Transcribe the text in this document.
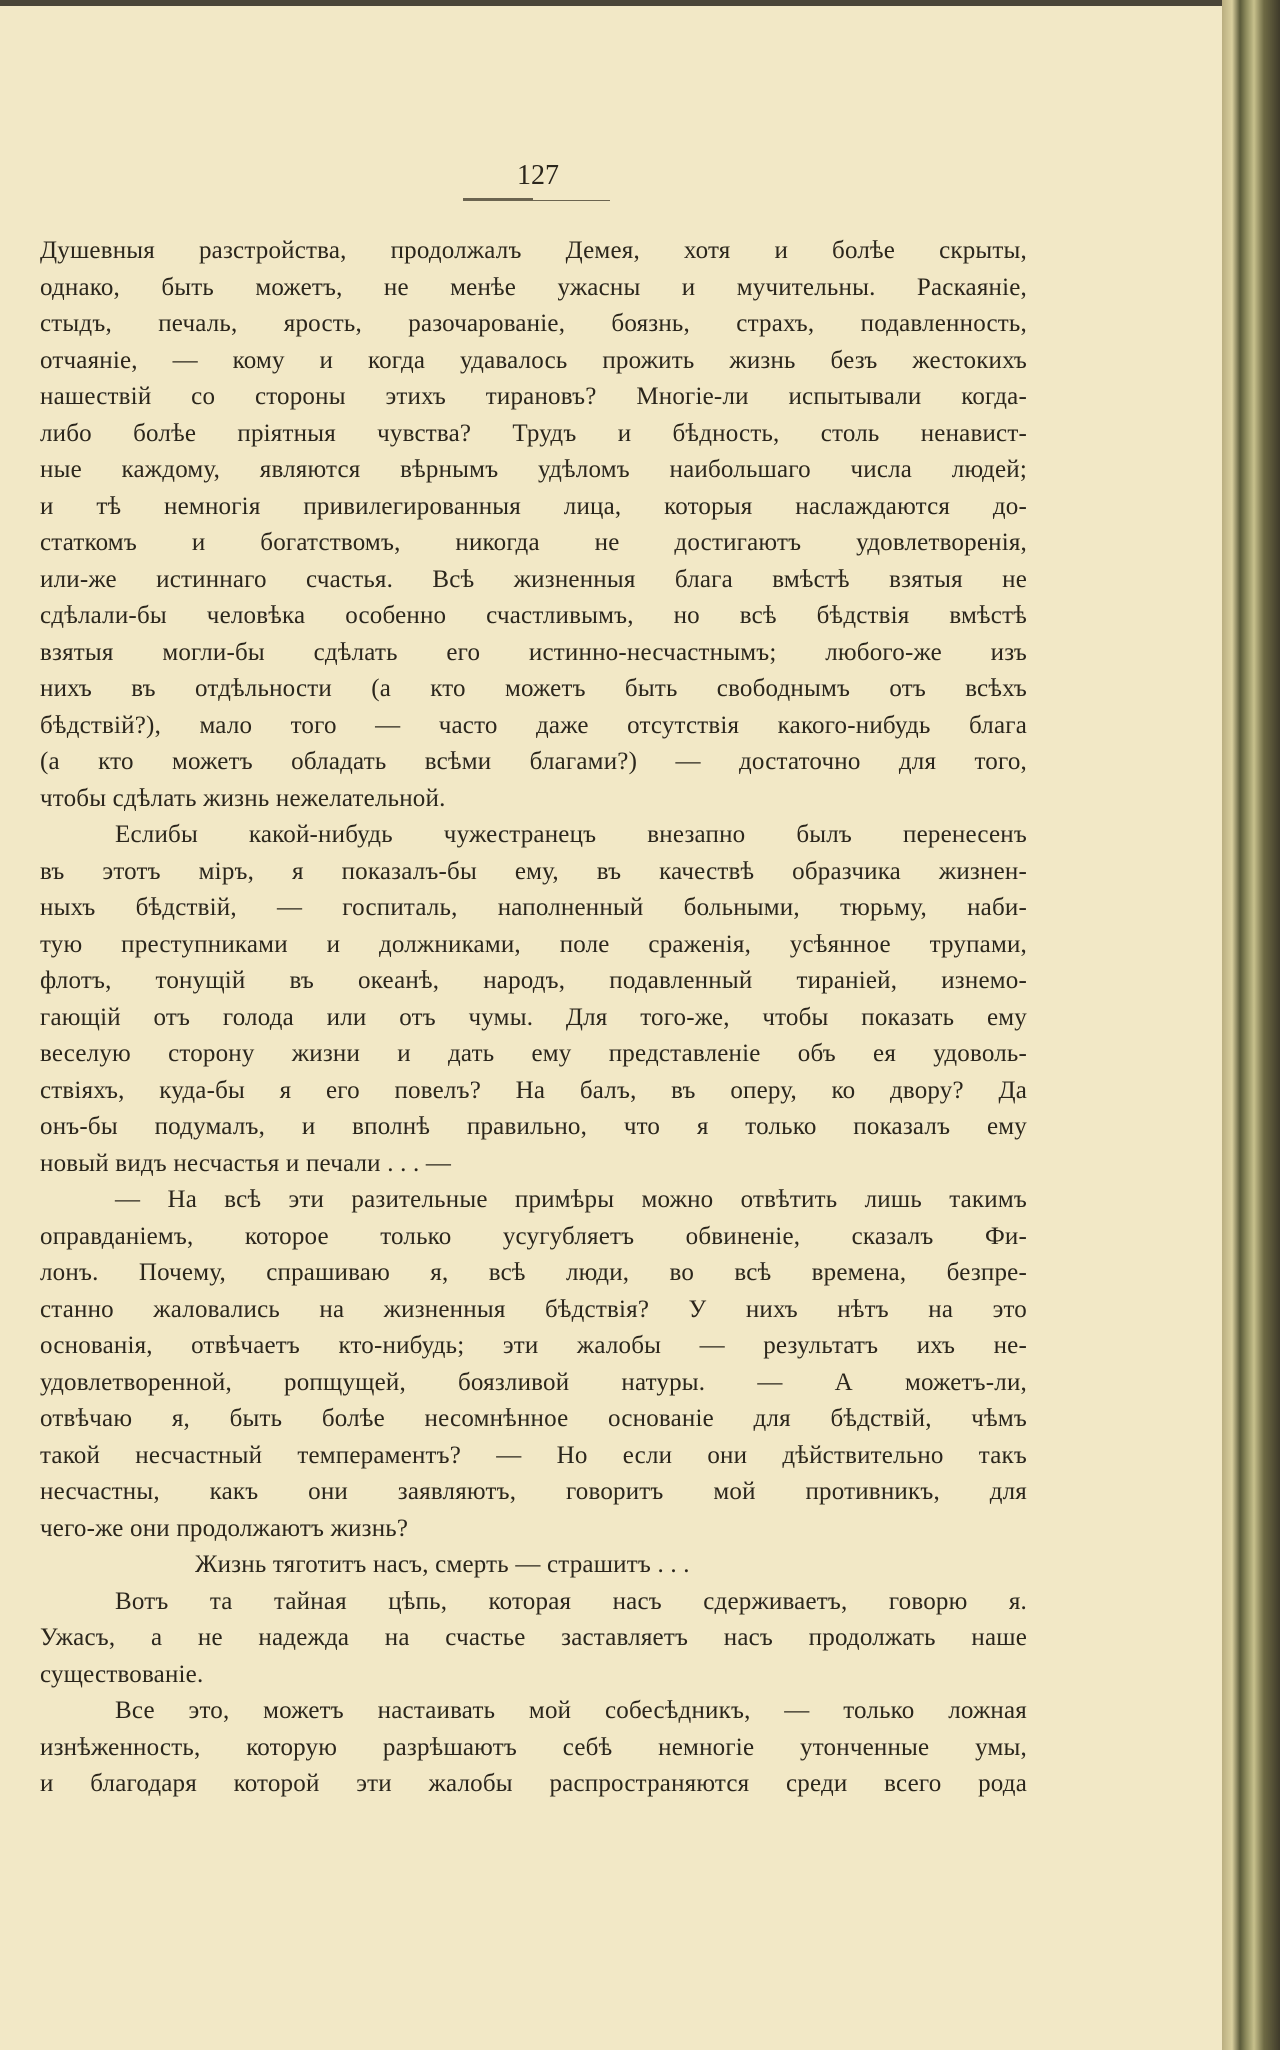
127
Душевныя разстройства, продолжалъ Демея, хотя и болѣе скрыты,
однако, быть можетъ, не менѣе ужасны и мучительны. Раскаяніе,
стыдъ, печаль, ярость, разочарованіе, боязнь, страхъ, подавленность,
отчаяніе, — кому и когда удавалось прожить жизнь безъ жестокихъ
нашествій со стороны этихъ тирановъ? Многіе-ли испытывали когда-
либо болѣе пріятныя чувства? Трудъ и бѣдность, столь ненавист-
ные каждому, являются вѣрнымъ удѣломъ наибольшаго числа людей;
и тѣ немногія привилегированныя лица, которыя наслаждаются до-
статкомъ и богатствомъ, никогда не достигаютъ удовлетворенія,
или-же истиннаго счастья. Всѣ жизненныя блага вмѣстѣ взятыя не
сдѣлали-бы человѣка особенно счастливымъ, но всѣ бѣдствія вмѣстѣ
взятыя могли-бы сдѣлать его истинно-несчастнымъ; любого-же изъ
нихъ въ отдѣльности (а кто можетъ быть свободнымъ отъ всѣхъ
бѣдствій?), мало того — часто даже отсутствія какого-нибудь блага
(а кто можетъ обладать всѣми благами?) — достаточно для того,
чтобы сдѣлать жизнь нежелательной.
Еслибы какой-нибудь чужестранецъ внезапно былъ перенесенъ
въ этотъ міръ, я показалъ-бы ему, въ качествѣ образчика жизнен-
ныхъ бѣдствій, — госпиталь, наполненный больными, тюрьму, наби-
тую преступниками и должниками, поле сраженія, усѣянное трупами,
флотъ, тонущій въ океанѣ, народъ, подавленный тираніей, изнемо-
гающій отъ голода или отъ чумы. Для того-же, чтобы показать ему
веселую сторону жизни и дать ему представленіе объ ея удоволь-
ствіяхъ, куда-бы я его повелъ? На балъ, въ оперу, ко двору? Да
онъ-бы подумалъ, и вполнѣ правильно, что я только показалъ ему
новый видъ несчастья и печали . . . —
— На всѣ эти разительные примѣры можно отвѣтить лишь такимъ
оправданіемъ, которое только усугубляетъ обвиненіе, сказалъ Фи-
лонъ. Почему, спрашиваю я, всѣ люди, во всѣ времена, безпре-
станно жаловались на жизненныя бѣдствія? У нихъ нѣтъ на это
основанія, отвѣчаетъ кто-нибудь; эти жалобы — результатъ ихъ не-
удовлетворенной, ропщущей, боязливой натуры. — А можетъ-ли,
отвѣчаю я, быть болѣе несомнѣнное основаніе для бѣдствій, чѣмъ
такой несчастный темпераментъ? — Но если они дѣйствительно такъ
несчастны, какъ они заявляютъ, говоритъ мой противникъ, для
чего-же они продолжаютъ жизнь?
Жизнь тяготитъ насъ, смерть — страшитъ . . .
Вотъ та тайная цѣпь, которая насъ сдерживаетъ, говорю я.
Ужасъ, а не надежда на счастье заставляетъ насъ продолжать наше
существованіе.
Все это, можетъ настаивать мой собесѣдникъ, — только ложная
изнѣженность, которую разрѣшаютъ себѣ немногіе утонченные умы,
и благодаря которой эти жалобы распространяются среди всего рода
